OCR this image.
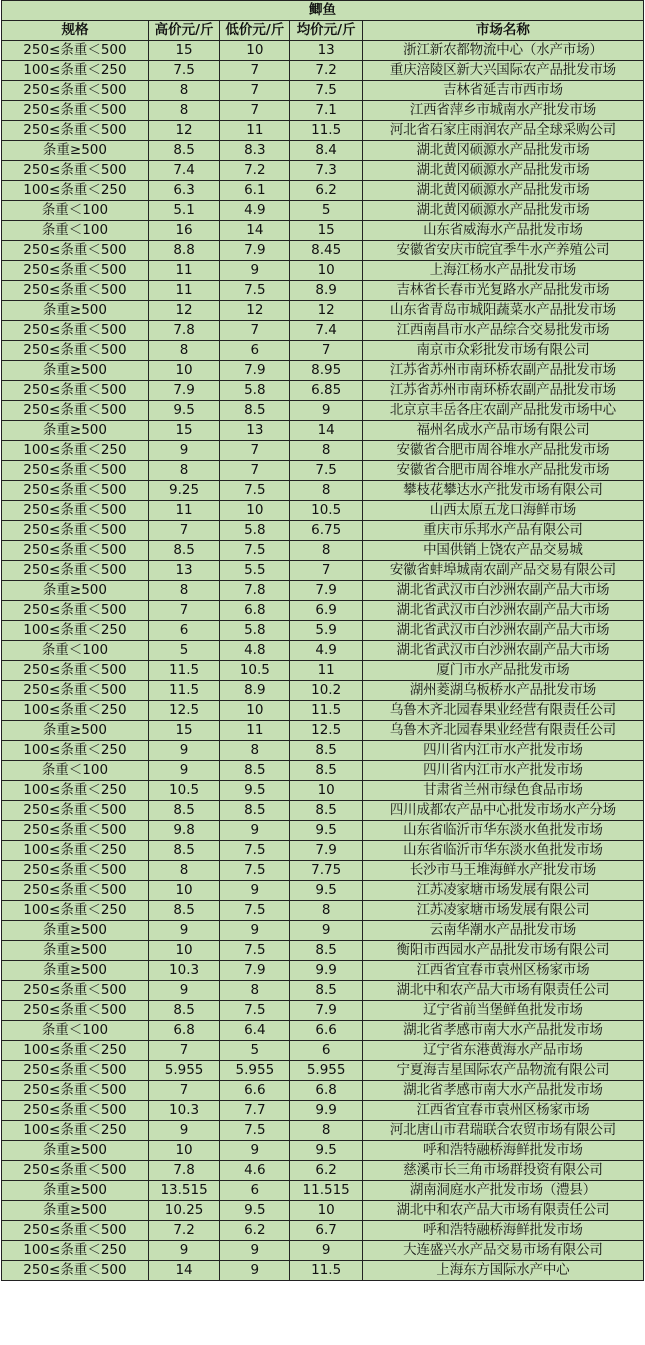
鲫鱼				
规格	高价元/斤	低价元/斤	均价元/斤	市场名称
250≤条重＜500	15	10	13	浙江新农都物流中心（水产市场）
100≤条重＜250	7.5	7	7.2	重庆涪陵区新大兴国际农产品批发市场
250≤条重＜500	8	7	7.5	吉林省延吉市西市场
250≤条重＜500	8	7	7.1	江西省萍乡市城南水产批发市场
250≤条重＜500	12	11	11.5	河北省石家庄雨润农产品全球采购公司
条重≥500	8.5	8.3	8.4	湖北黄冈硕源水产品批发市场
250≤条重＜500	7.4	7.2	7.3	湖北黄冈硕源水产品批发市场
100≤条重＜250	6.3	6.1	6.2	湖北黄冈硕源水产品批发市场
条重＜100	5.1	4.9	5	湖北黄冈硕源水产品批发市场
条重＜100	16	14	15	山东省威海水产品批发市场
250≤条重＜500	8.8	7.9	8.45	安徽省安庆市皖宜季牛水产养殖公司
250≤条重＜500	11	9	10	上海江杨水产品批发市场
250≤条重＜500	11	7.5	8.9	吉林省长春市光复路水产品批发市场
条重≥500	12	12	12	山东省青岛市城阳蔬菜水产品批发市场
250≤条重＜500	7.8	7	7.4	江西南昌市水产品综合交易批发市场
250≤条重＜500	8	6	7	南京市众彩批发市场有限公司
条重≥500	10	7.9	8.95	江苏省苏州市南环桥农副产品批发市场
250≤条重＜500	7.9	5.8	6.85	江苏省苏州市南环桥农副产品批发市场
250≤条重＜500	9.5	8.5	9	北京京丰岳各庄农副产品批发市场中心
条重≥500	15	13	14	福州名成水产品市场有限公司
100≤条重＜250	9	7	8	安徽省合肥市周谷堆水产品批发市场
250≤条重＜500	8	7	7.5	安徽省合肥市周谷堆水产品批发市场
250≤条重＜500	9.25	7.5	8	攀枝花攀达水产批发市场有限公司
250≤条重＜500	11	10	10.5	山西太原五龙口海鲜市场
250≤条重＜500	7	5.8	6.75	重庆市乐邦水产品有限公司
250≤条重＜500	8.5	7.5	8	中国供销上饶农产品交易城
250≤条重＜500	13	5.5	7	安徽省蚌埠城南农副产品交易有限公司
条重≥500	8	7.8	7.9	湖北省武汉市白沙洲农副产品大市场
250≤条重＜500	7	6.8	6.9	湖北省武汉市白沙洲农副产品大市场
100≤条重＜250	6	5.8	5.9	湖北省武汉市白沙洲农副产品大市场
条重＜100	5	4.8	4.9	湖北省武汉市白沙洲农副产品大市场
250≤条重＜500	11.5	10.5	11	厦门市水产品批发市场
250≤条重＜500	11.5	8.9	10.2	湖州菱湖乌板桥水产品批发市场
100≤条重＜250	12.5	10	11.5	乌鲁木齐北园春果业经营有限责任公司
条重≥500	15	11	12.5	乌鲁木齐北园春果业经营有限责任公司
100≤条重＜250	9	8	8.5	四川省内江市水产批发市场
条重＜100	9	8.5	8.5	四川省内江市水产批发市场
100≤条重＜250	10.5	9.5	10	甘肃省兰州市绿色食品市场
250≤条重＜500	8.5	8.5	8.5	四川成都农产品中心批发市场水产分场
250≤条重＜500	9.8	9	9.5	山东省临沂市华东淡水鱼批发市场
100≤条重＜250	8.5	7.5	7.9	山东省临沂市华东淡水鱼批发市场
250≤条重＜500	8	7.5	7.75	长沙市马王堆海鲜水产批发市场
250≤条重＜500	10	9	9.5	江苏凌家塘市场发展有限公司
100≤条重＜250	8.5	7.5	8	江苏凌家塘市场发展有限公司
条重≥500	9	9	9	云南华潮水产品批发市场
条重≥500	10	7.5	8.5	衡阳市西园水产品批发市场有限公司
条重≥500	10.3	7.9	9.9	江西省宜春市袁州区杨家市场
250≤条重＜500	9	8	8.5	湖北中和农产品大市场有限责任公司
250≤条重＜500	8.5	7.5	7.9	辽宁省前当堡鲜鱼批发市场
条重＜100	6.8	6.4	6.6	湖北省孝感市南大水产品批发市场
100≤条重＜250	7	5	6	辽宁省东港黄海水产品市场
250≤条重＜500	5.955	5.955	5.955	宁夏海吉星国际农产品物流有限公司
250≤条重＜500	7	6.6	6.8	湖北省孝感市南大水产品批发市场
250≤条重＜500	10.3	7.7	9.9	江西省宜春市袁州区杨家市场
100≤条重＜250	9	7.5	8	河北唐山市君瑞联合农贸市场有限公司
条重≥500	10	9	9.5	呼和浩特融桥海鲜批发市场
250≤条重＜500	7.8	4.6	6.2	慈溪市长三角市场群投资有限公司
条重≥500	13.515	6	11.515	湖南洞庭水产批发市场（澧县）
条重≥500	10.25	9.5	10	湖北中和农产品大市场有限责任公司
250≤条重＜500	7.2	6.2	6.7	呼和浩特融桥海鲜批发市场
100≤条重＜250	9	9	9	大连盛兴水产品交易市场有限公司
250≤条重＜500	14	9	11.5	上海东方国际水产中心
